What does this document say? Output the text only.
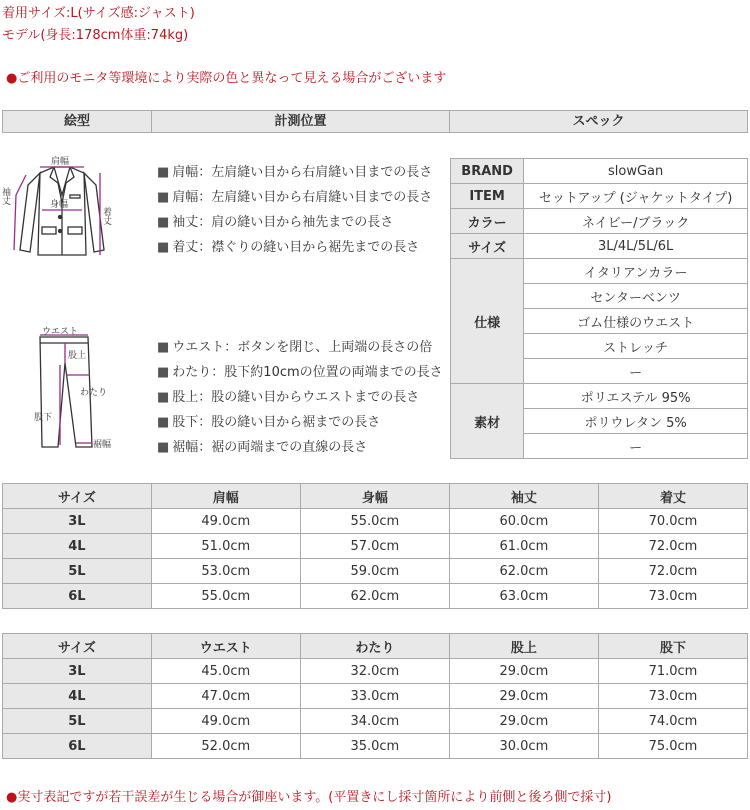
着用サイズ:L(サイズ感:ジャスト)
モデル(身長:178cm体重:74kg)
●ご利用のモニタ等環境により実際の色と異なって見える場合がございます
絵型	計測位置	スペック
肩幅
身幅
袖丈
着丈
ウエスト
股上
わたり
股下
裾幅
■ 肩幅：左肩縫い目から右肩縫い目までの長さ
■ 肩幅：左肩縫い目から右肩縫い目までの長さ
■ 袖丈：肩の縫い目から袖先までの長さ
■ 着丈：襟ぐりの縫い目から裾先までの長さ
■ ウエスト：ボタンを閉じ、上両端の長さの倍
■ わたり：股下約10cmの位置の両端までの長さ
■ 股上：股の縫い目からウエストまでの長さ
■ 股下：股の縫い目から裾までの長さ
■ 裾幅：裾の両端までの直線の長さ
BRAND	slowGan
ITEM	セットアップ (ジャケットタイプ)
カラー	ネイビー/ブラック
サイズ	3L/4L/5L/6L
仕様	イタリアンカラー
	センターベンツ
	ゴム仕様のウエスト
	ストレッチ
	ー
素材	ポリエステル 95%
	ポリウレタン 5%
	ー
サイズ	肩幅	身幅	袖丈	着丈
3L	49.0cm	55.0cm	60.0cm	70.0cm
4L	51.0cm	57.0cm	61.0cm	72.0cm
5L	53.0cm	59.0cm	62.0cm	72.0cm
6L	55.0cm	62.0cm	63.0cm	73.0cm
サイズ	ウエスト	わたり	股上	股下
3L	45.0cm	32.0cm	29.0cm	71.0cm
4L	47.0cm	33.0cm	29.0cm	73.0cm
5L	49.0cm	34.0cm	29.0cm	74.0cm
6L	52.0cm	35.0cm	30.0cm	75.0cm
●実寸表記ですが若干誤差が生じる場合が御座います。(平置きにし採寸箇所により前側と後ろ側で採寸)
